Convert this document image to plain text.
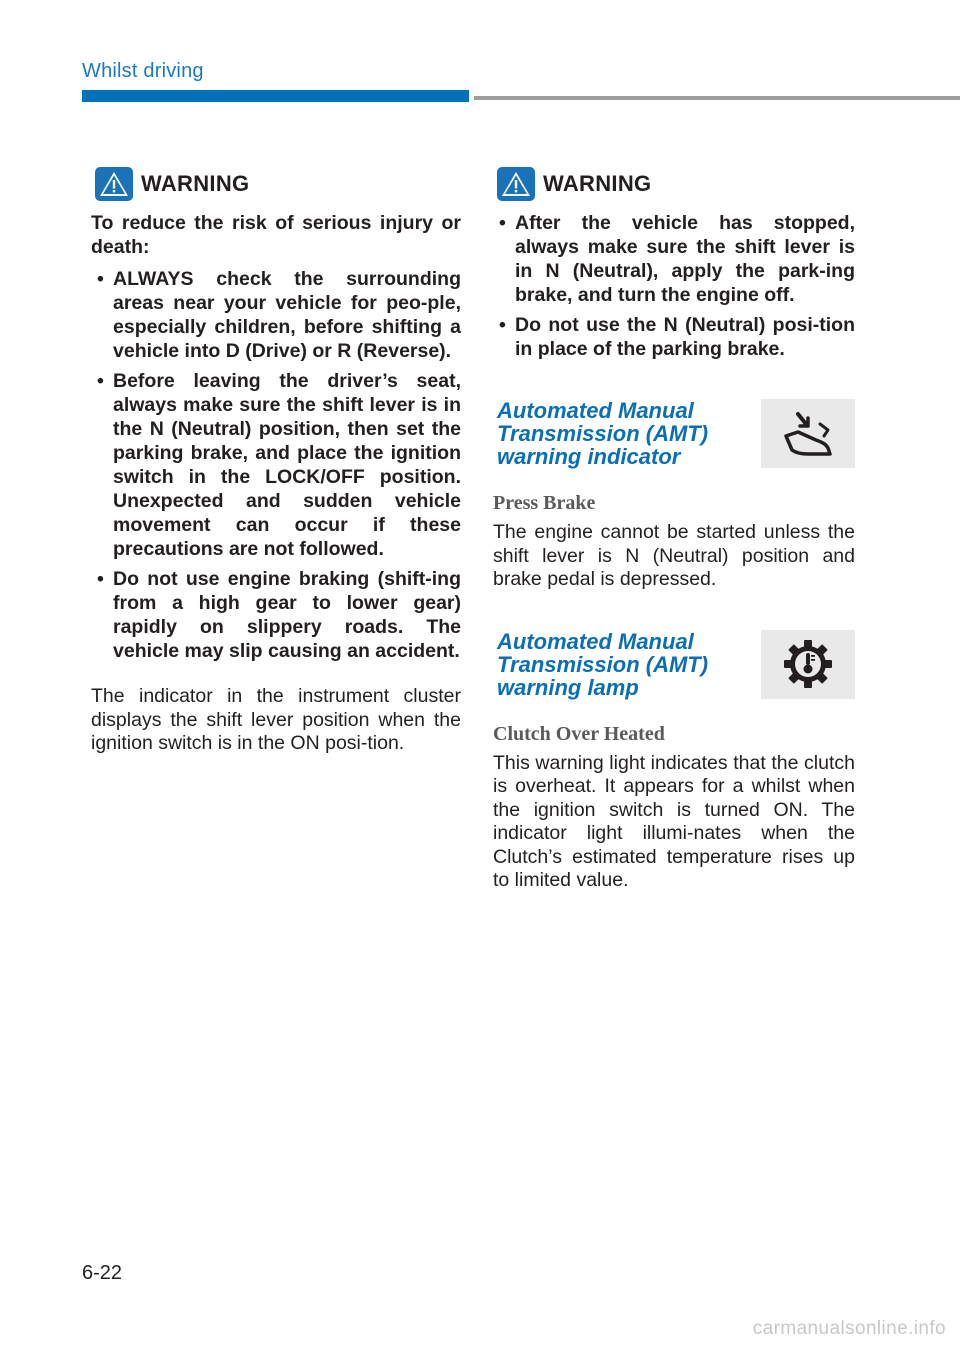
Whilst driving
WARNING

To reduce the risk of serious injury or death:

• ALWAYS check the surrounding areas near your vehicle for peo-ple, especially children, before shifting a vehicle into D (Drive) or R (Reverse).
• Before leaving the driver’s seat, always make sure the shift lever is in the N (Neutral) position, then set the parking brake, and place the ignition switch in the LOCK/OFF position. Unexpected and sudden vehicle movement can occur if these precautions are not followed.
• Do not use engine braking (shift-ing from a high gear to lower gear) rapidly on slippery roads. The vehicle may slip causing an accident.

The indicator in the instrument cluster displays the shift lever position when the ignition switch is in the ON posi-tion.

WARNING
• After the vehicle has stopped, always make sure the shift lever is in N (Neutral), apply the park-ing brake, and turn the engine off.
• Do not use the N (Neutral) posi-tion in place of the parking brake.
Automated Manual Transmission (AMT) warning indicator
Press Brake

The engine cannot be started unless the shift lever is N (Neutral) position and brake pedal is depressed.

Automated Manual Transmission (AMT) warning lamp
Clutch Over Heated

This warning light indicates that the clutch is overheat. It appears for a whilst when the ignition switch is turned ON. The indicator light illumi-nates when the Clutch’s estimated temperature rises up to limited value.

6-22
carmanualsonline.info
